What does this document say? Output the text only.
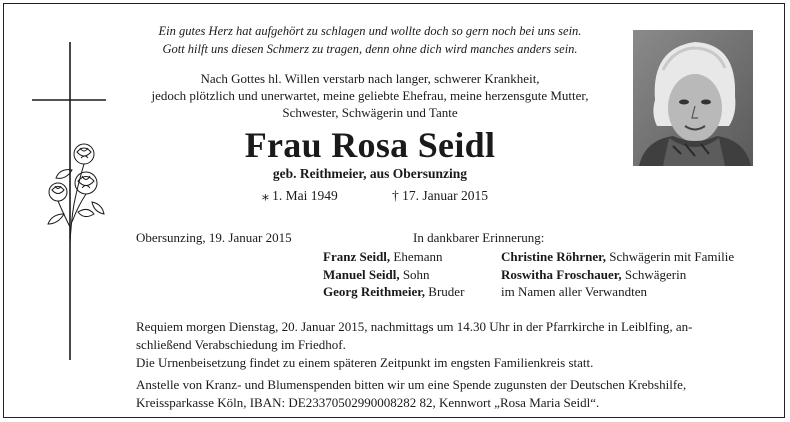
Ein gutes Herz hat aufgehört zu schlagen und wollte doch so gern noch bei uns sein.
Gott hilft uns diesen Schmerz zu tragen, denn ohne dich wird manches anders sein.
Nach Gottes hl. Willen verstarb nach langer, schwerer Krankheit,
jedoch plötzlich und unerwartet, meine geliebte Ehefrau, meine herzensgute Mutter,
Schwester, Schwägerin und Tante
Frau Rosa Seidl
geb. Reithmeier, aus Obersunzing
⁎ 1. Mai 1949	† 17. Januar 2015
Obersunzing, 19. Januar 2015	In dankbarer Erinnerung:
Franz Seidl, Ehemann
Manuel Seidl, Sohn
Georg Reithmeier, Bruder
Christine Röhrner, Schwägerin mit Familie
Roswitha Froschauer, Schwägerin
im Namen aller Verwandten
Requiem morgen Dienstag, 20. Januar 2015, nachmittags um 14.30 Uhr in der Pfarrkirche in Leiblfing, an-
schließend Verabschiedung im Friedhof.
Die Urnenbeisetzung findet zu einem späteren Zeitpunkt im engsten Familienkreis statt.
Anstelle von Kranz- und Blumenspenden bitten wir um eine Spende zugunsten der Deutschen Krebshilfe,
Kreissparkasse Köln, IBAN: DE23370502990008282 82, Kennwort „Rosa Maria Seidl“.
